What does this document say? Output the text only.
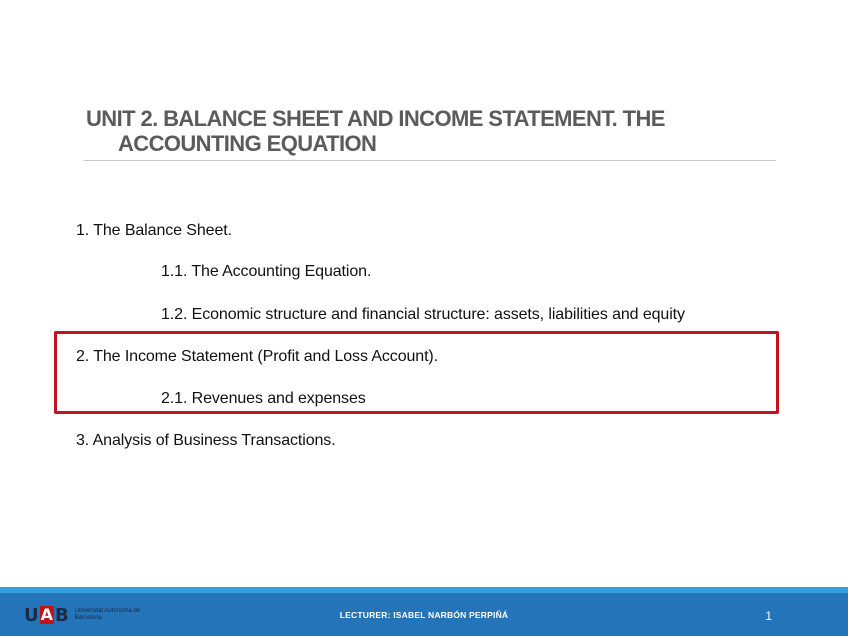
UNIT 2. BALANCE SHEET AND INCOME STATEMENT. THE
ACCOUNTING EQUATION
1. The Balance Sheet.
1.1. The Accounting Equation.
1.2. Economic structure and financial structure: assets, liabilities and equity
2. The Income Statement (Profit and Loss Account).
2.1. Revenues and expenses
3. Analysis of Business Transactions.
U A B Universitat Autònoma de Barcelona	LECTURER: ISABEL NARBÓN PERPIÑÁ	1
